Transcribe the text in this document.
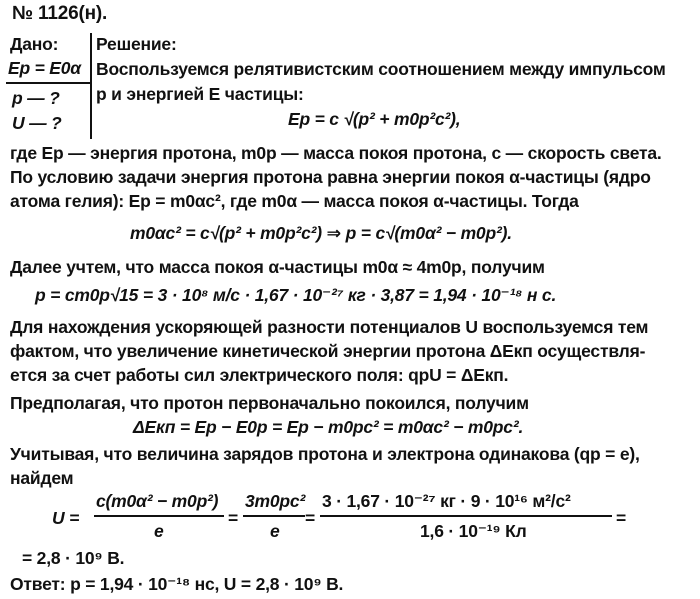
№ 1126(н).
Дано:
Eр = E0α
p — ?
U — ?
Решение:
Воспользуемся релятивистским соотношением между импульсом
p и энергией E частицы:
Eр = c √(p² + m0р²c²),
где Eр — энергия протона, m0р — масса покоя протона, c — скорость света.
По условию задачи энергия протона равна энергии покоя α-частицы (ядро
атома гелия): Eр = m0αc², где m0α — масса покоя α-частицы. Тогда
m0αc² = c√(p² + m0р²c²) ⇒ p = c√(m0α² − m0р²).
Далее учтем, что масса покоя α-частицы m0α ≈ 4m0р, получим
p = cm0р√15 = 3 · 10⁸ м/с · 1,67 · 10⁻²⁷ кг · 3,87 = 1,94 · 10⁻¹⁸ н с.
Для нахождения ускоряющей разности потенциалов U воспользуемся тем
фактом, что увеличение кинетической энергии протона ΔEкп осуществля-
ется за счет работы сил электрического поля: qрU = ΔEкп.
Предполагая, что протон первоначально покоился, получим
ΔEкп = Eр − E0р = Eр − m0рc² = m0αc² − m0рc².
Учитывая, что величина зарядов протона и электрона одинакова (qр = e),
найдем
U =
c(m0α² − m0р²)
e
=
3m0рc²
e
=
3 · 1,67 · 10⁻²⁷ кг · 9 · 10¹⁶ м²/с²
1,6 · 10⁻¹⁹ Кл
=
= 2,8 · 10⁹ В.
Ответ: p = 1,94 · 10⁻¹⁸ нс, U = 2,8 · 10⁹ В.
